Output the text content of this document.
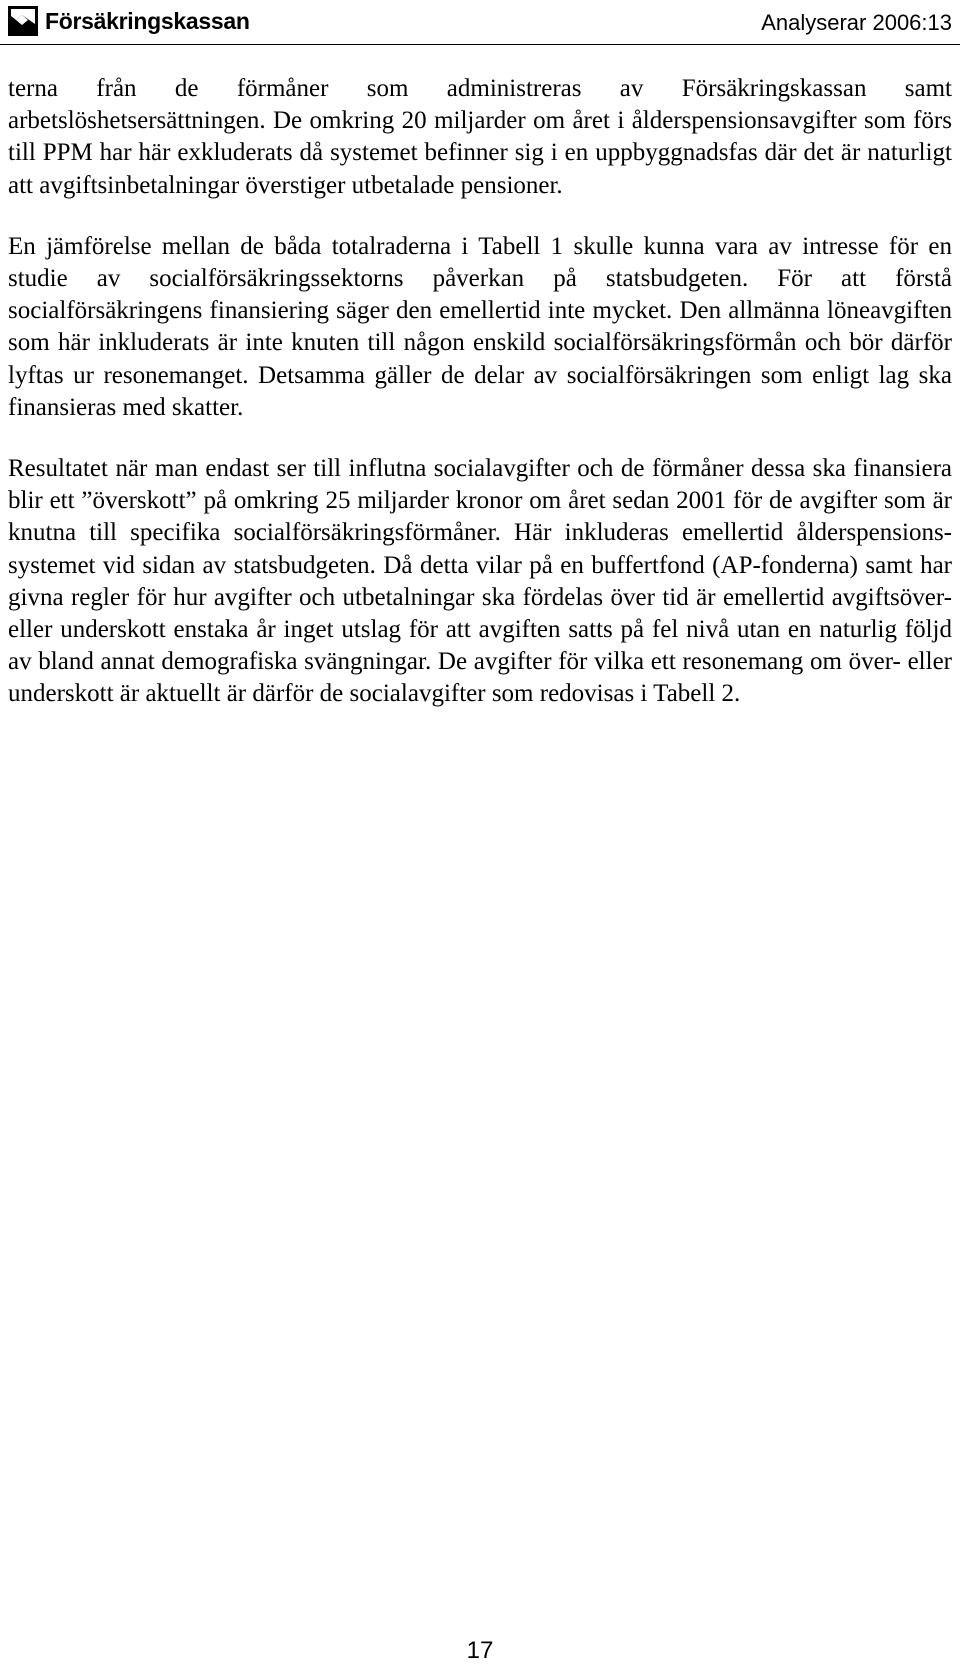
Försäkringskassan	Analyserar 2006:13

terna från de förmåner som administreras av Försäkringskassan samt arbetslöshetsersättningen. De omkring 20 miljarder om året i ålderspensionsavgifter som förs till PPM har här exkluderats då systemet befinner sig i en uppbyggnadsfas där det är naturligt att avgiftsinbetalningar överstiger utbetalade pensioner.

En jämförelse mellan de båda totalraderna i Tabell 1 skulle kunna vara av intresse för en studie av socialförsäkringssektorns påverkan på statsbudgeten. För att förstå socialförsäkringens finansiering säger den emellertid inte mycket. Den allmänna löneavgiften som här inkluderats är inte knuten till någon enskild socialförsäkringsförmån och bör därför lyftas ur resonemanget. Detsamma gäller de delar av socialförsäkringen som enligt lag ska finansieras med skatter.

Resultatet när man endast ser till influtna socialavgifter och de förmåner dessa ska finansiera blir ett ”överskott” på omkring 25 miljarder kronor om året sedan 2001 för de avgifter som är knutna till specifika socialförsäkringsförmåner. Här inkluderas emellertid ålderspensionssystemet vid sidan av statsbudgeten. Då detta vilar på en buffertfond (AP-fonderna) samt har givna regler för hur avgifter och utbetalningar ska fördelas över tid är emellertid avgiftsöver- eller underskott enstaka år inget utslag för att avgiften satts på fel nivå utan en naturlig följd av bland annat demografiska svängningar. De avgifter för vilka ett resonemang om över- eller underskott är aktuellt är därför de socialavgifter som redovisas i Tabell 2.

17
